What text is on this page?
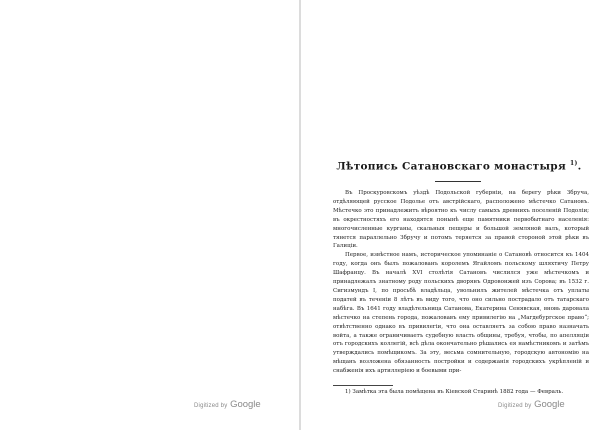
Digitized by Google
Лѣтопись Сатановскаго монастыря $^{1)}$.

Въ Проскуровскомъ уѣздѣ Подольской губерніи, на берегу рѣки Збруча, отдѣляющей русское Подолье отъ австрійскаго, расположено мѣстечко Сатановъ. Мѣстечко это принадлежитъ вѣроятно къ числу самыхъ древнихъ поселеній Подоліи; въ окрестностяхъ его находятся понынѣ еще памятники первобытнаго населенія: многочисленные курганы, скальныя пещеры и большой земляной валъ, который тянется параллельно Збручу и потомъ теряется за правой стороной этой рѣки въ Галиціи.

Первое, извѣстное намъ, историческое упоминаніе о Сатановѣ относится къ 1404 году, когда онъ былъ пожалованъ королемъ Ягайломъ польскому шляхтичу Петру Шафранцу. Въ началѣ XVI столѣтія Сатановъ числился уже мѣстечкомъ и принадлежалъ знатному роду польскихъ дворянъ Одровонжей изъ Сорова; въ 1532 г. Сигизмундъ I, по просьбѣ владѣльца, увольнилъ жителей мѣстечка отъ уплаты податей въ теченіи 8 лѣтъ въ виду того, что оно сильно пострадало отъ татарскаго набѣга. Въ 1641 году владѣтельница Сатанова, Екатерина Сенявская, вновь даровала мѣстечко на степень города, пожаловавъ ему привилегію на „Магдебургское право“; отвѣтственно однако въ привилегіи, что она оставляетъ за собою право назначать войта, а также ограничиваетъ судебную власть общины, требуя, чтобы, по апелляціи отъ городскихъ коллегій, всѣ дѣла окончательно рѣшались ея намѣстникомъ и затѣмъ утверждались помѣщикомъ. За эту, весьма сомнительную, городскую автономію на мѣщанъ возложена обязанность постройки и содержанія городскихъ укрѣпленій и снабженія ихъ артиллеріею и боевыми при-

1) Замѣтка эта была помѣщена въ Кіевской Старинѣ 1882 года — Февраль.

Digitized by Google
